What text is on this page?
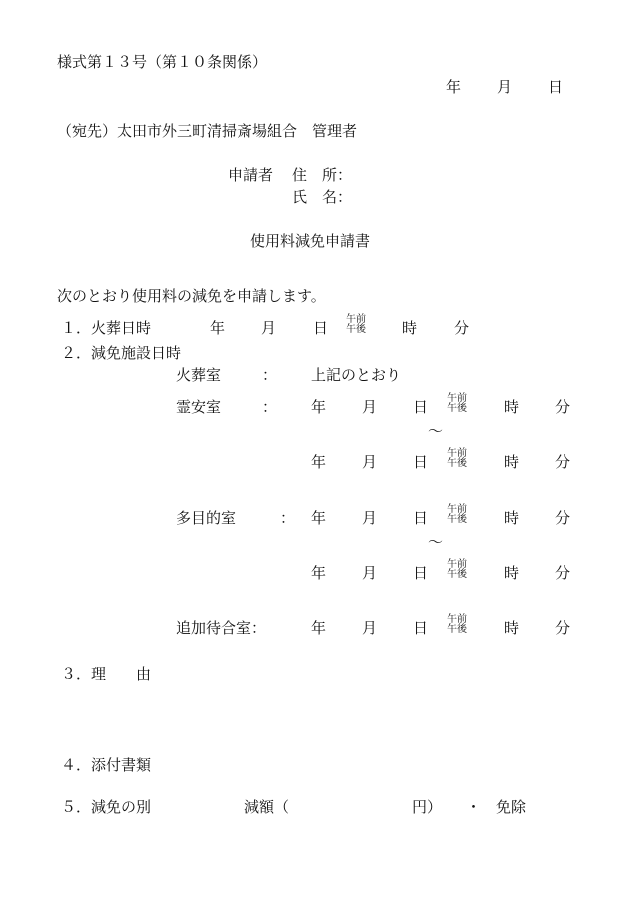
様式第１３号（第１０条関係）
年 月 日
（宛先）太田市外三町清掃斎場組合　管理者
申請者 住　所：
氏　名：
使用料減免申請書
次のとおり使用料の減免を申請します。
１．火葬日時	年 月 日	午前
午後 時 分
２．減免施設日時
火葬室	： 上記のとおり
霊安室	： 年 月 日	午前
午後 時 分
〜
年 月 日	午前
午後 時 分
多目的室	： 年 月 日	午前
午後 時 分
〜
年 月 日	午前
午後 時 分
追加待合室：	年 月 日	午前
午後 時 分
３．理　　由
４．添付書類
５．減免の別	減額（	円） ・ 免除
